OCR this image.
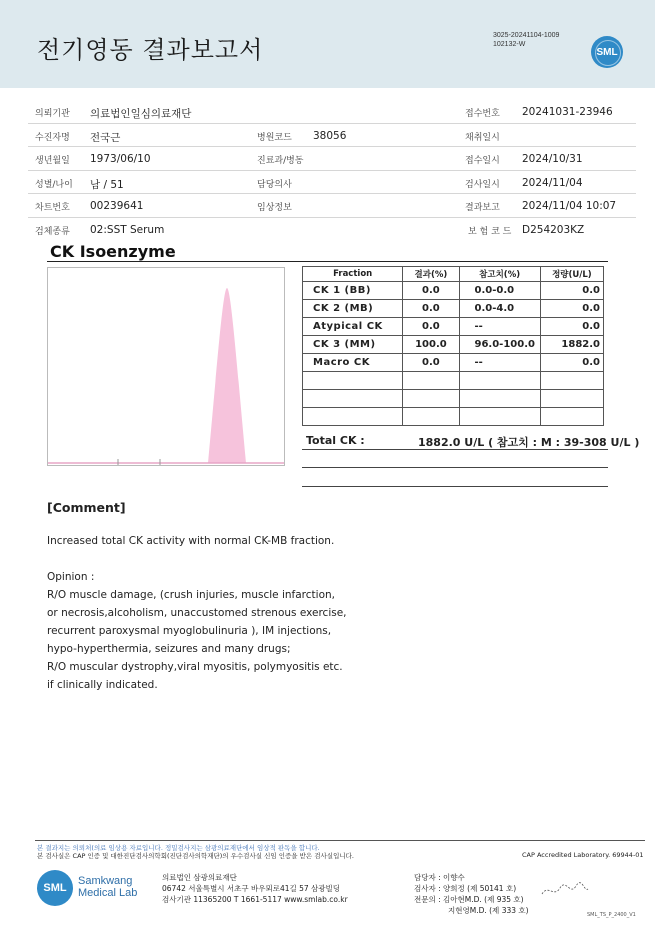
전기영동 결과보고서
3025-20241104-1009
102132-W
SML
의뢰기관 의료법인일심의료재단	접수번호 20241031-23946
수진자명 전국근	병원코드 38056	채취일시
생년월일 1973/06/10	진료과/병동	접수일시 2024/10/31
성별/나이 남 / 51	담당의사	검사일시 2024/11/04
차트번호 00239641	임상정보	결과보고 2024/11/04 10:07
검체종류 02:SST Serum	보 험 코 드 D254203KZ
CK Isoenzyme
Fraction	결과(%)	참고치(%)	정량(U/L)
CK 1 (BB)	0.0	0.0-0.0	0.0
CK 2 (MB)	0.0	0.0-4.0	0.0
Atypical CK	0.0	--	0.0
CK 3 (MM)	100.0	96.0-100.0	1882.0
Macro CK	0.0	--	0.0

Total CK :	1882.0 U/L ( 참고치 : M : 39-308 U/L )
[Comment]
Increased total CK activity with normal CK-MB fraction.
Opinion :
R/O muscle damage, (crush injuries, muscle infarction,
or necrosis,alcoholism, unaccustomed strenous exercise,
recurrent paroxysmal myoglobulinuria ), IM injections,
hypo-hyperthermia, seizures and many drugs;
R/O muscular dystrophy,viral myositis, polymyositis etc.
if clinically indicated.
본 결과지는 의뢰처(의료 임상용 자료입니다. 정밀검사지는 삼광의료재단에서 임상적 판독을 합니다.
본 검사실은 CAP 인증 및 대한진단검사의학회(진단검사의학재단)의 우수검사실 신임 인증을 받은 검사실입니다.	CAP Accredited Laboratory. 69944-01
SML
Samkwang
Medical Lab
의료법인 삼광의료재단
06742 서울특별시 서초구 바우뫼로41길 57 삼광빌딩
검사기관 11365200 T 1661-5117 www.smlab.co.kr
담당자 : 이향수
검사자 : 양희정 (제 50141 호)
전문의 : 김아현M.D. (제 935 호)
지현영M.D. (제 333 호)	SML_TS_P_2400_V1
